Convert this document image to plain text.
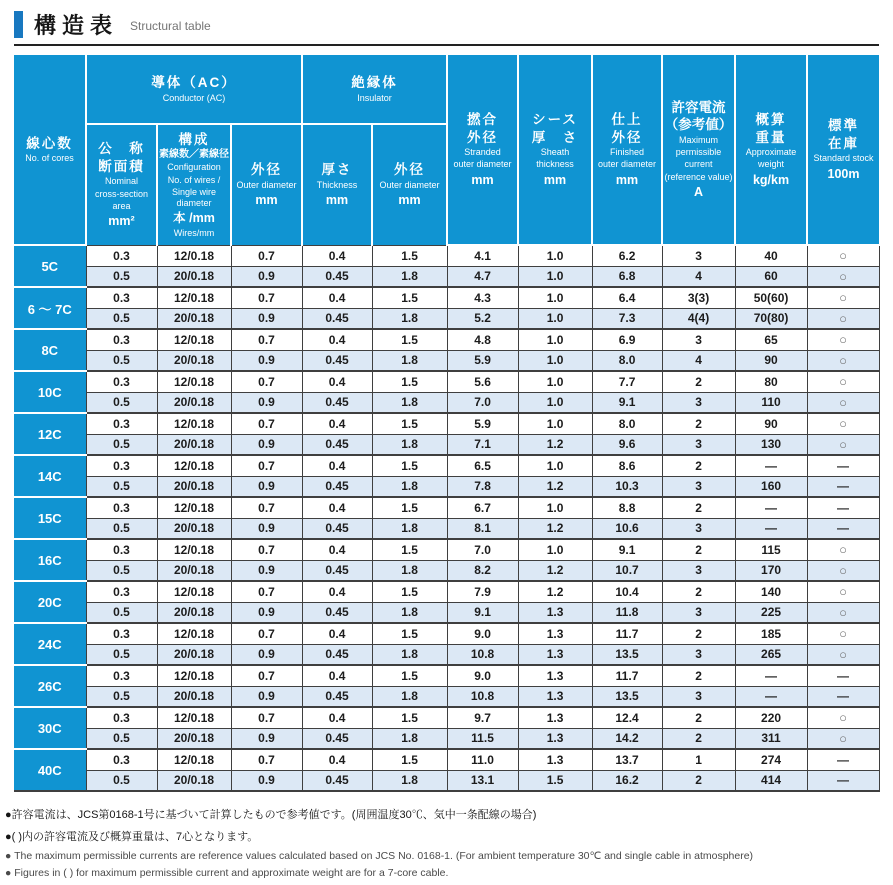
構造表 Structural table
線心数
No. of cores

導体（AC）
Conductor (AC)

絶縁体
Insulator

撚合
外径
Stranded
outer diameter
mm

シース
厚　さ
Sheath
thickness
mm

仕上
外径
Finished
outer diameter
mm

許容電流
（参考値）
Maximum
permissible
current
(reference value)
A

概算
重量
Approximate
weight
kg/km

標準
在庫
Standard stock
100m

公　称
断面積
Nominal
cross-section
area
mm²

構成
素線数／素線径
Configuration
No. of wires /
Single wire diameter
本 /mm
Wires/mm

外径
Outer diameter
mm

厚さ
Thickness
mm

外径
Outer diameter
mm

5C	0.3	12/0.18	0.7	0.4	1.5	4.1	1.0	6.2	3	40	○
	0.5	20/0.18	0.9	0.45	1.8	4.7	1.0	6.8	4	60	○
6 ～ 7C	0.3	12/0.18	0.7	0.4	1.5	4.3	1.0	6.4	3(3)	50(60)	○
	0.5	20/0.18	0.9	0.45	1.8	5.2	1.0	7.3	4(4)	70(80)	○
8C	0.3	12/0.18	0.7	0.4	1.5	4.8	1.0	6.9	3	65	○
	0.5	20/0.18	0.9	0.45	1.8	5.9	1.0	8.0	4	90	○
10C	0.3	12/0.18	0.7	0.4	1.5	5.6	1.0	7.7	2	80	○
	0.5	20/0.18	0.9	0.45	1.8	7.0	1.0	9.1	3	110	○
12C	0.3	12/0.18	0.7	0.4	1.5	5.9	1.0	8.0	2	90	○
	0.5	20/0.18	0.9	0.45	1.8	7.1	1.2	9.6	3	130	○
14C	0.3	12/0.18	0.7	0.4	1.5	6.5	1.0	8.6	2	—	—
	0.5	20/0.18	0.9	0.45	1.8	7.8	1.2	10.3	3	160	—
15C	0.3	12/0.18	0.7	0.4	1.5	6.7	1.0	8.8	2	—	—
	0.5	20/0.18	0.9	0.45	1.8	8.1	1.2	10.6	3	—	—
16C	0.3	12/0.18	0.7	0.4	1.5	7.0	1.0	9.1	2	115	○
	0.5	20/0.18	0.9	0.45	1.8	8.2	1.2	10.7	3	170	○
20C	0.3	12/0.18	0.7	0.4	1.5	7.9	1.2	10.4	2	140	○
	0.5	20/0.18	0.9	0.45	1.8	9.1	1.3	11.8	3	225	○
24C	0.3	12/0.18	0.7	0.4	1.5	9.0	1.3	11.7	2	185	○
	0.5	20/0.18	0.9	0.45	1.8	10.8	1.3	13.5	3	265	○
26C	0.3	12/0.18	0.7	0.4	1.5	9.0	1.3	11.7	2	—	—
	0.5	20/0.18	0.9	0.45	1.8	10.8	1.3	13.5	3	—	—
30C	0.3	12/0.18	0.7	0.4	1.5	9.7	1.3	12.4	2	220	○
	0.5	20/0.18	0.9	0.45	1.8	11.5	1.3	14.2	2	311	○
40C	0.3	12/0.18	0.7	0.4	1.5	11.0	1.3	13.7	1	274	—
	0.5	20/0.18	0.9	0.45	1.8	13.1	1.5	16.2	2	414	—
●許容電流は、JCS第0168-1号に基づいて計算したもので参考値です。(周囲温度30℃、気中一条配線の場合)
●( )内の許容電流及び概算重量は、7心となります。
● The maximum permissible currents are reference values calculated based on JCS No. 0168-1. (For ambient temperature 30℃ and single cable in atmosphere)
● Figures in ( ) for maximum permissible current and approximate weight are for a 7-core cable.
